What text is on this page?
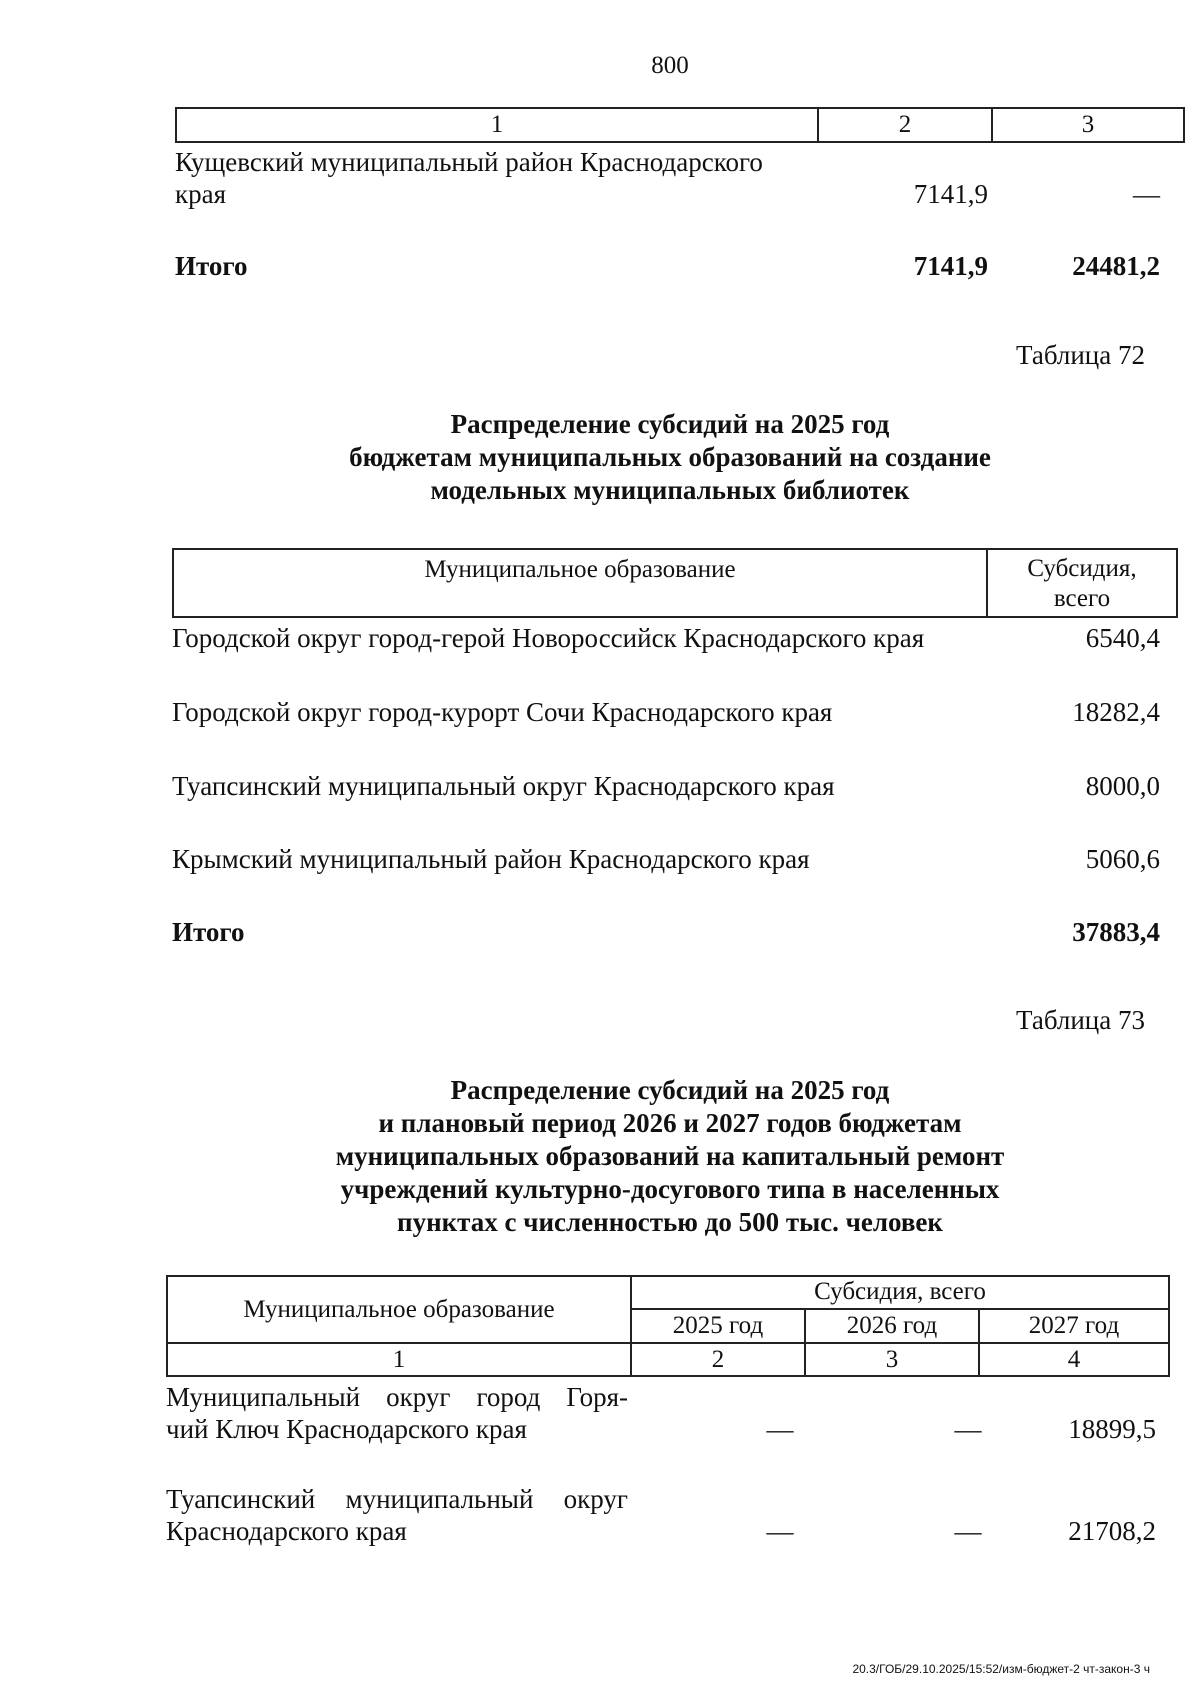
800
1	2	3
Кущевский муниципальный район Краснодарского
края	7141,9	—
Итого	7141,9	24481,2
Таблица 72
Распределение субсидий на 2025 год
бюджетам муниципальных образований на создание
модельных муниципальных библиотек
Муниципальное образование	Субсидия,
всего
Городской округ город-герой Новороссийск Краснодарского края	6540,4
Городской округ город-курорт Сочи Краснодарского края	18282,4
Туапсинский муниципальный округ Краснодарского края	8000,0
Крымский муниципальный район Краснодарского края	5060,6
Итого	37883,4
Таблица 73
Распределение субсидий на 2025 год
и плановый период 2026 и 2027 годов бюджетам
муниципальных образований на капитальный ремонт
учреждений культурно-досугового типа в населенных
пунктах с численностью до 500 тыс. человек
Муниципальное образование	Субсидия, всего		
	2025 год	2026 год	2027 год
1	2	3	4
Муниципальный округ город Горя-
чий Ключ Краснодарского края	—	—	18899,5
Туапсинский муниципальный округ
Краснодарского края	—	—	21708,2
20.3/ГОБ/29.10.2025/15:52/изм-бюджет-2 чт-закон-3 ч
